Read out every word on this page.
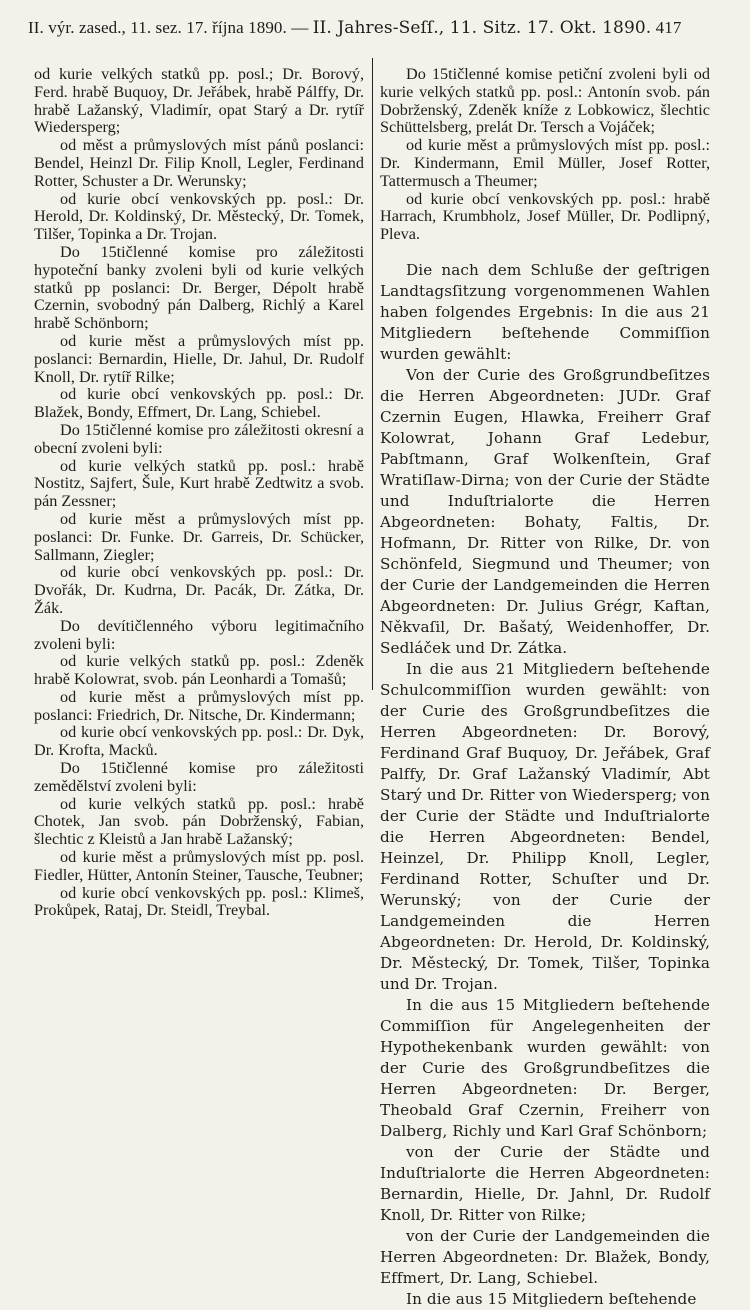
II. výr. zased., 11. sez. 17. října 1890. — II. Jahres-Seſſ., 11. Sitz. 17. Okt. 1890. 417

od kurie velkých statků pp. posl.; Dr. Borový, Ferd. hrabě Buquoy, Dr. Jeřábek, hrabě Pálffy, Dr. hrabě Lažanský, Vladimír, opat Starý a Dr. rytíř Wiedersperg;

od měst a průmyslových míst pánů poslanci: Bendel, Heinzl Dr. Filip Knoll, Legler, Ferdinand Rotter, Schuster a Dr. Werunsky;

od kurie obcí venkovských pp. posl.: Dr. Herold, Dr. Koldinský, Dr. Městecký, Dr. Tomek, Tilšer, Topinka a Dr. Trojan.

Do 15tičlenné komise pro záležitosti hypoteční banky zvoleni byli od kurie velkých statků pp poslanci: Dr. Berger, Dépolt hrabě Czernin, svobodný pán Dalberg, Richlý a Karel hrabě Schönborn;

od kurie měst a průmyslových míst pp. poslanci: Bernardin, Hielle, Dr. Jahul, Dr. Rudolf Knoll, Dr. rytíř Rilke;

od kurie obcí venkovských pp. posl.: Dr. Blažek, Bondy, Effmert, Dr. Lang, Schiebel.

Do 15tičlenné komise pro záležitosti okresní a obecní zvoleni byli:

od kurie velkých statků pp. posl.: hrabě Nostitz, Sajfert, Šule, Kurt hrabě Zedtwitz a svob. pán Zessner;

od kurie měst a průmyslových míst pp. poslanci: Dr. Funke. Dr. Garreis, Dr. Schücker, Sallmann, Ziegler;

od kurie obcí venkovských pp. posl.: Dr. Dvořák, Dr. Kudrna, Dr. Pacák, Dr. Zátka, Dr. Žák.

Do devítičlenného výboru legitimačního zvoleni byli:

od kurie velkých statků pp. posl.: Zdeněk hrabě Kolowrat, svob. pán Leonhardi a Tomašů;

od kurie měst a průmyslových míst pp. poslanci: Friedrich, Dr. Nitsche, Dr. Kindermann;

od kurie obcí venkovských pp. posl.: Dr. Dyk, Dr. Krofta, Macků.

Do 15tičlenné komise pro záležitosti zemědělství zvoleni byli:

od kurie velkých statků pp. posl.: hrabě Chotek, Jan svob. pán Dobrženský, Fabian, šlechtic z Kleistů a Jan hrabě Lažanský;

od kurie měst a průmyslových míst pp. posl. Fiedler, Hütter, Antonín Steiner, Tausche, Teubner;

od kurie obcí venkovských pp. posl.: Klimeš, Prokůpek, Rataj, Dr. Steidl, Treybal.

Do 15tičlenné komise petiční zvoleni byli od kurie velkých statků pp. posl.: Antonín svob. pán Dobrženský, Zdeněk kníže z Lobkowicz, šlechtic Schüttelsberg, prelát Dr. Tersch a Vojáček;

od kurie měst a průmyslových míst pp. posl.: Dr. Kindermann, Emil Müller, Josef Rotter, Tattermusch a Theumer;

od kurie obcí venkovských pp. posl.: hrabě Harrach, Krumbholz, Josef Müller, Dr. Podlipný, Pleva.

Die nach dem Schluße der geſtrigen Landtagsſitzung vorgenommenen Wahlen haben folgendes Ergebnis: In die aus 21 Mitgliedern beſtehende Commiſſion wurden gewählt:

Von der Curie des Großgrundbeſitzes die Herren Abgeordneten: JUDr. Graf Czernin Eugen, Hlawka, Freiherr Graf Kolowrat, Johann Graf Ledebur, Pabſtmann, Graf Wolkenſtein, Graf Wratiſlaw-Dirna; von der Curie der Städte und Induſtrialorte die Herren Abgeordneten: Bohaty, Faltis, Dr. Hofmann, Dr. Ritter von Rilke, Dr. von Schönfeld, Siegmund und Theumer; von der Curie der Landgemeinden die Herren Abgeordneten: Dr. Julius Grégr, Kaftan, Někvaſil, Dr. Bašatý, Weidenhoffer, Dr. Sedláček und Dr. Zátka.

In die aus 21 Mitgliedern beſtehende Schulcommiſſion wurden gewählt: von der Curie des Großgrundbeſitzes die Herren Abgeordneten: Dr. Borový, Ferdinand Graf Buquoy, Dr. Jeřábek, Graf Palffy, Dr. Graf Lažanský Vladimír, Abt Starý und Dr. Ritter von Wiedersperg; von der Curie der Städte und Induſtrialorte die Herren Abgeordneten: Bendel, Heinzel, Dr. Philipp Knoll, Legler, Ferdinand Rotter, Schuſter und Dr. Werunský; von der Curie der Landgemeinden die Herren Abgeordneten: Dr. Herold, Dr. Koldinský, Dr. Městecký, Dr. Tomek, Tilšer, Topinka und Dr. Trojan.

In die aus 15 Mitgliedern beſtehende Commiſſion für Angelegenheiten der Hypothekenbank wurden gewählt: von der Curie des Großgrundbeſitzes die Herren Abgeordneten: Dr. Berger, Theobald Graf Czernin, Freiherr von Dalberg, Richly und Karl Graf Schönborn;

von der Curie der Städte und Induſtrialorte die Herren Abgeordneten: Bernardin, Hielle, Dr. Jahnl, Dr. Rudolf Knoll, Dr. Ritter von Rilke;

von der Curie der Landgemeinden die Herren Abgeordneten: Dr. Blažek, Bondy, Effmert, Dr. Lang, Schiebel.

In die aus 15 Mitgliedern beſtehende
